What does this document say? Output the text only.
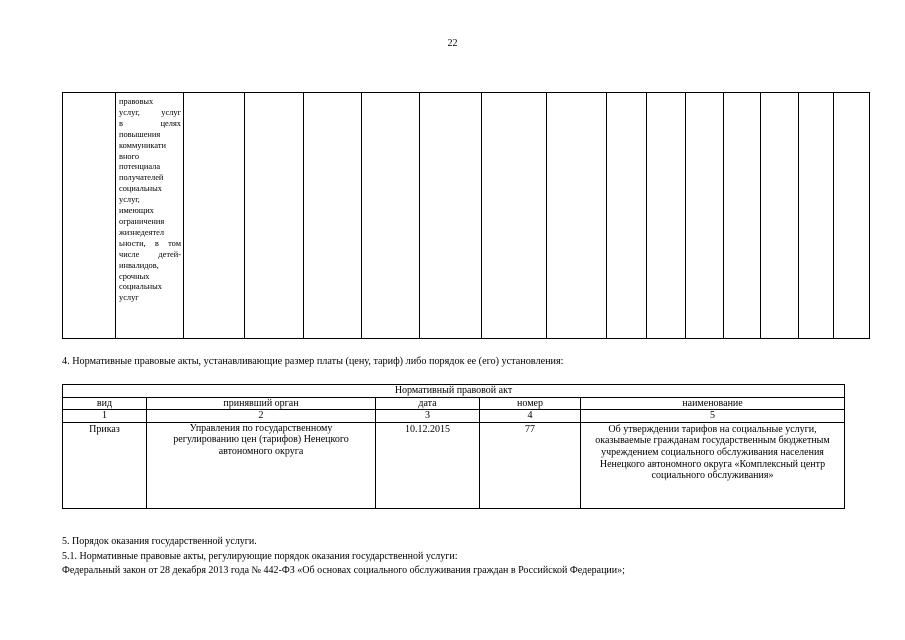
22

правовых
услуг, услуг
в целях
повышения
коммуникати
вного
потенциала
получателей
социальных
услуг,
имеющих
ограничения
жизнедеятел
ьности, в том
числе детей-
инвалидов,
срочных
социальных
услуг

4. Нормативные правовые акты, устанавливающие размер платы (цену, тариф) либо порядок ее (его) установления:
Нормативный правовой акт				
вид	принявший орган	дата	номер	наименование
1	2	3	4	5
Приказ	Управления по государственному регулированию цен (тарифов) Ненецкого автономного округа	10.12.2015	77	Об утверждении тарифов на социальные услуги, оказываемые гражданам государственным бюджетным учреждением социального обслуживания населения Ненецкого автономного округа «Комплексный центр социального обслуживания»
5. Порядок оказания государственной услуги.
5.1. Нормативные правовые акты, регулирующие порядок оказания государственной услуги:
Федеральный закон от 28 декабря 2013 года № 442-ФЗ «Об основах социального обслуживания граждан в Российской Федерации»;
